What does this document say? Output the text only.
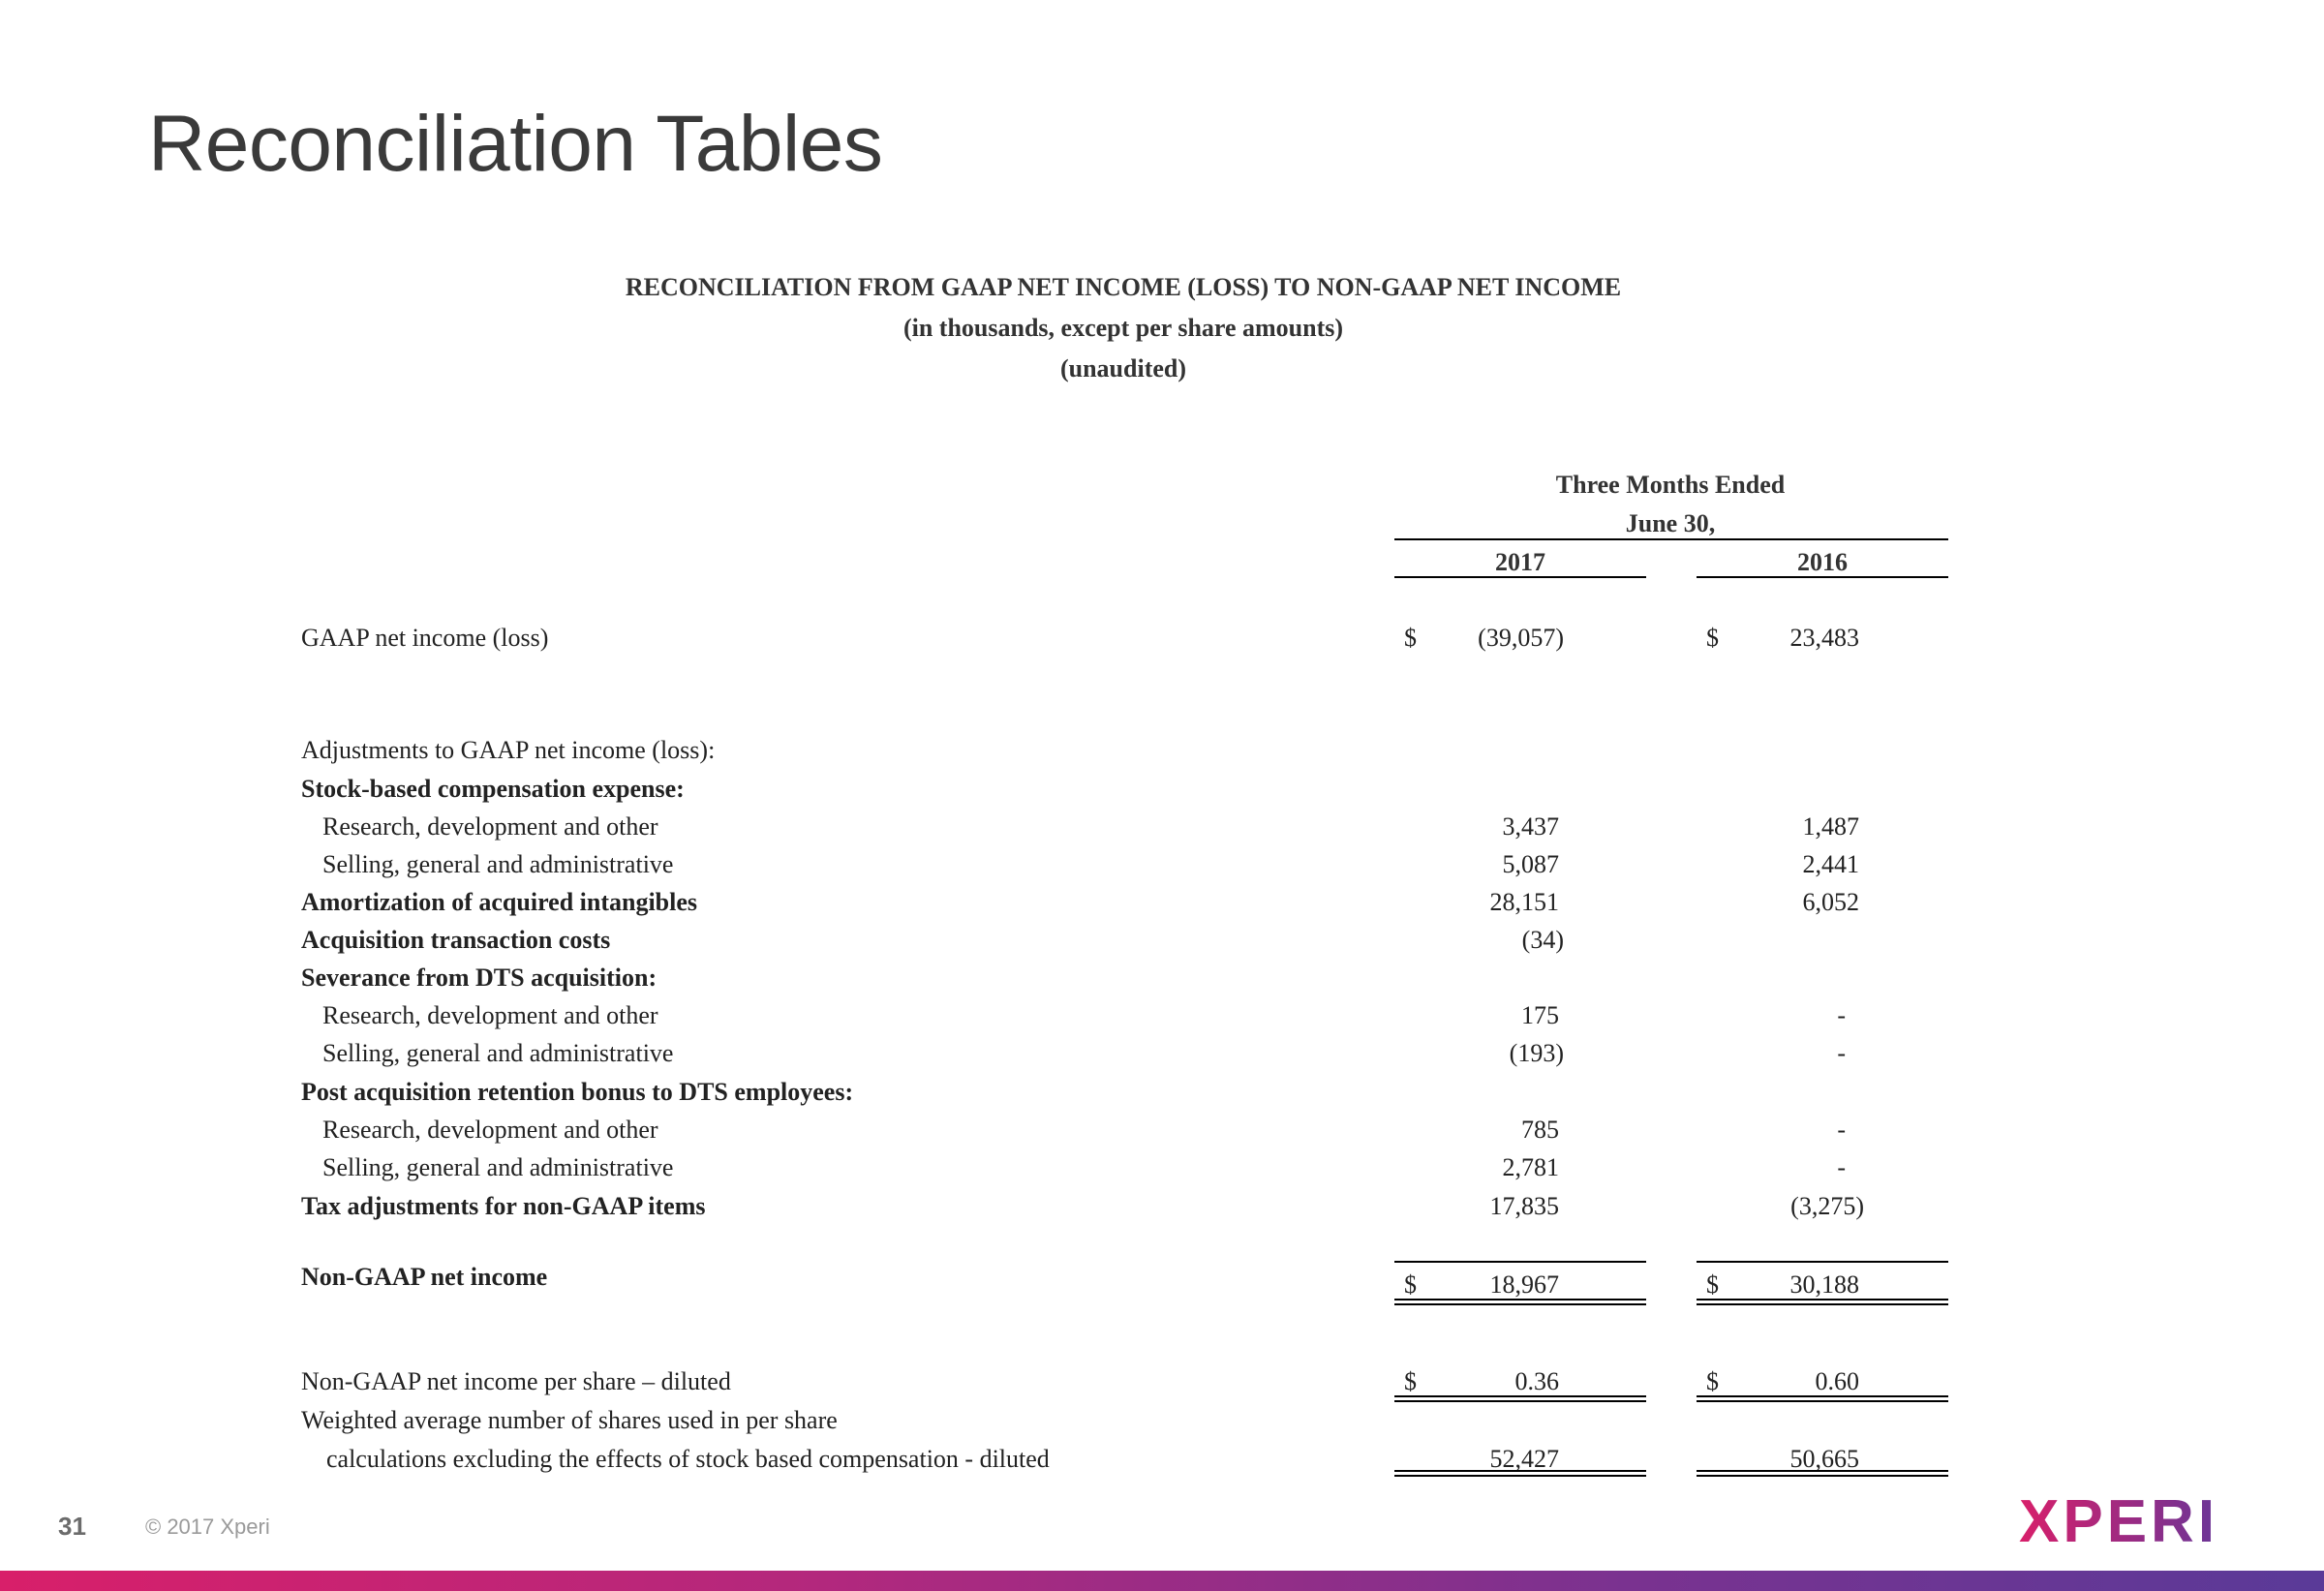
Reconciliation Tables
RECONCILIATION FROM GAAP NET INCOME (LOSS) TO NON-GAAP NET INCOME
(in thousands, except per share amounts)
(unaudited)
Three Months Ended
June 30,
2017	2016
GAAP net income (loss)	$	(39,057)	$	23,483
Adjustments to GAAP net income (loss):
Stock-based compensation expense:
Research, development and other	3,437	1,487
Selling, general and administrative	5,087	2,441
Amortization of acquired intangibles	28,151	6,052
Acquisition transaction costs	(34)
Severance from DTS acquisition:
Research, development and other	175	-
Selling, general and administrative	(193)	-
Post acquisition retention bonus to DTS employees:
Research, development and other	785	-
Selling, general and administrative	2,781	-
Tax adjustments for non-GAAP items	17,835	(3,275)
Non-GAAP net income	$	18,967	$	30,188
Non-GAAP net income per share – diluted	$	0.36	$	0.60
Weighted average number of shares used in per share
calculations excluding the effects of stock based compensation - diluted	52,427	50,665
31	© 2017 Xperi	XPERI
